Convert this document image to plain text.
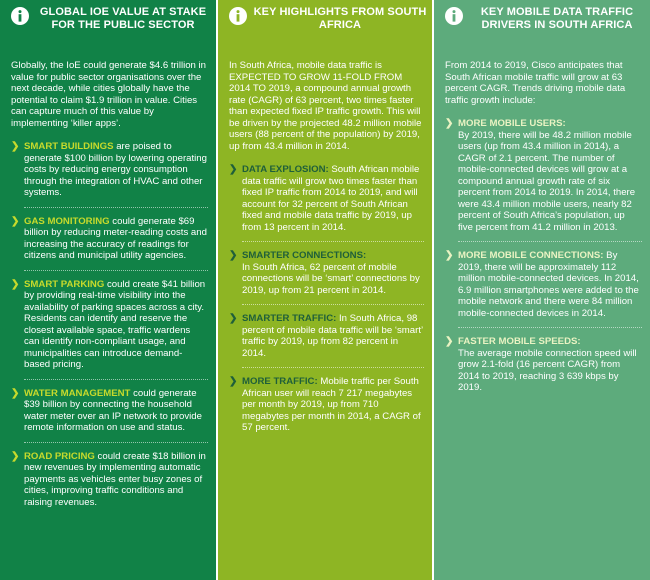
GLOBAL IOE VALUE AT STAKE FOR THE PUBLIC SECTOR
Globally, the IoE could generate $4.6 trillion in value for public sector organisations over the next decade, while cities globally have the potential to claim $1.9 trillion in value. Cities can capture much of this value by implementing ‘killer apps’.
❯ SMART BUILDINGS are poised to generate $100 billion by lowering operating costs by reducing energy consumption through the integration of HVAC and other systems.
❯ GAS MONITORING could generate $69 billion by reducing meter-reading costs and increasing the accuracy of readings for citizens and municipal utility agencies.
❯ SMART PARKING could create $41 billion by providing real-time visibility into the availability of parking spaces across a city. Residents can identify and reserve the closest available space, traffic wardens can identify non-compliant usage, and municipalities can introduce demand-based pricing.
❯ WATER MANAGEMENT could generate $39 billion by connecting the household water meter over an IP network to provide remote information on use and status.
❯ ROAD PRICING could create $18 billion in new revenues by implementing automatic payments as vehicles enter busy zones of cities, improving traffic conditions and raising revenues.
KEY HIGHLIGHTS FROM SOUTH AFRICA
In South Africa, mobile data traffic is EXPECTED TO GROW 11-FOLD FROM 2014 TO 2019, a compound annual growth rate (CAGR) of 63 percent, two times faster than expected fixed IP traffic growth. This will be driven by the projected 48.2 million mobile users (88 percent of the population) by 2019, up from 43.4 million in 2014.
❯ DATA EXPLOSION: South African mobile data traffic will grow two times faster than fixed IP traffic from 2014 to 2019, and will account for 32 percent of South African fixed and mobile data traffic by 2019, up from 13 percent in 2014.
❯ SMARTER CONNECTIONS:
In South Africa, 62 percent of mobile connections will be ‘smart’ connections by 2019, up from 21 percent in 2014.
❯ SMARTER TRAFFIC: In South Africa, 98 percent of mobile data traffic will be ‘smart’ traffic by 2019, up from 82 percent in 2014.
❯ MORE TRAFFIC: Mobile traffic per South African user will reach 7 217 megabytes per month by 2019, up from 710 megabytes per month in 2014, a CAGR of 57 percent.
KEY MOBILE DATA TRAFFIC DRIVERS IN SOUTH AFRICA
From 2014 to 2019, Cisco anticipates that South African mobile traffic will grow at 63 percent CAGR. Trends driving mobile data traffic growth include:
❯ MORE MOBILE USERS:
By 2019, there will be 48.2 million mobile users (up from 43.4 million in 2014), a CAGR of 2.1 percent. The number of mobile-connected devices will grow at a compound annual growth rate of six percent from 2014 to 2019. In 2014, there were 43.4 million mobile users, nearly 82 percent of South Africa’s population, up five percent from 41.2 million in 2013.
❯ MORE MOBILE CONNECTIONS: By 2019, there will be approximately 112 million mobile-connected devices. In 2014, 6.9 million smartphones were added to the mobile network and there were 84 million mobile-connected devices in 2014.
❯ FASTER MOBILE SPEEDS:
The average mobile connection speed will grow 2.1-fold (16 percent CAGR) from 2014 to 2019, reaching 3 639 kbps by 2019.
